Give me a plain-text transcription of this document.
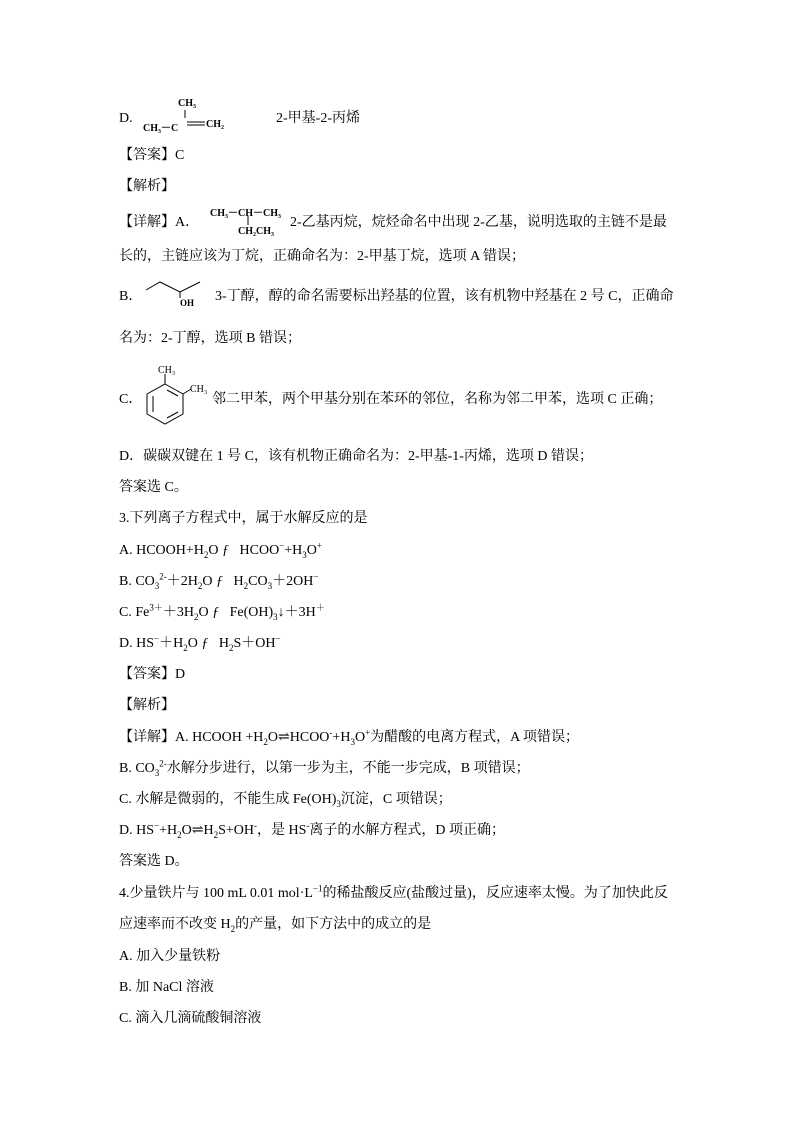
D.
CH₃
CH₃－C	CH₂	2-甲基-2-丙烯
【答案】C
【解析】
【详解】A．
CH₃－CH－CH₃
CH₂CH₃
2-乙基丙烷，烷烃命名中出现 2-乙基，说明选取的主链不是最
长的，主链应该为丁烷，正确命名为：2-甲基丁烷，选项 A 错误；
B．	OH 3-丁醇，醇的命名需要标出羟基的位置，该有机物中羟基在 2 号 C，正确命
名为：2-丁醇，选项 B 错误；
C．
CH₃
CH₃
邻二甲苯，两个甲基分别在苯环的邻位，名称为邻二甲苯，选项 C 正确；
D．碳碳双键在 1 号 C，该有机物正确命名为：2-甲基-1-丙烯，选项 D 错误；
答案选 C。
3.下列离子方程式中，属于水解反应的是
A. $HCOOH+H_2O$ ƒ $HCOO^-+H_3O^+$
B. $CO_3^{2-}+2H_2O$ ƒ $H_2CO_3+2OH^-$
C. $Fe^{3+}+3H_2O$ ƒ $Fe(OH)_3↓+3H^+$
D. $HS^-+H_2O$ ƒ $H_2S+OH^-$
【答案】D
【解析】
【详解】A. HCOOH $+H_2O\rightleftharpoons HCOO^-+H_3O^+$为醋酸的电离方程式，A 项错误；
B. $CO_3^{2-}$水解分步进行，以第一步为主，不能一步完成，B 项错误；
C. 水解是微弱的，不能生成 $Fe(OH)_3$沉淀，C 项错误；
D. $HS^-+H_2O\rightleftharpoons H_2S+OH^-$，是 HS-离子的水解方程式，D 项正确；
答案选 D。
4.少量铁片与 100 mL 0.01 $mol\cdot L^{-1}$的稀盐酸反应(盐酸过量)，反应速率太慢。为了加快此反
应速率而不改变 $H_2$的产量，如下方法中的成立的是
A. 加入少量铁粉
B. 加 NaCl 溶液
C. 滴入几滴硫酸铜溶液
